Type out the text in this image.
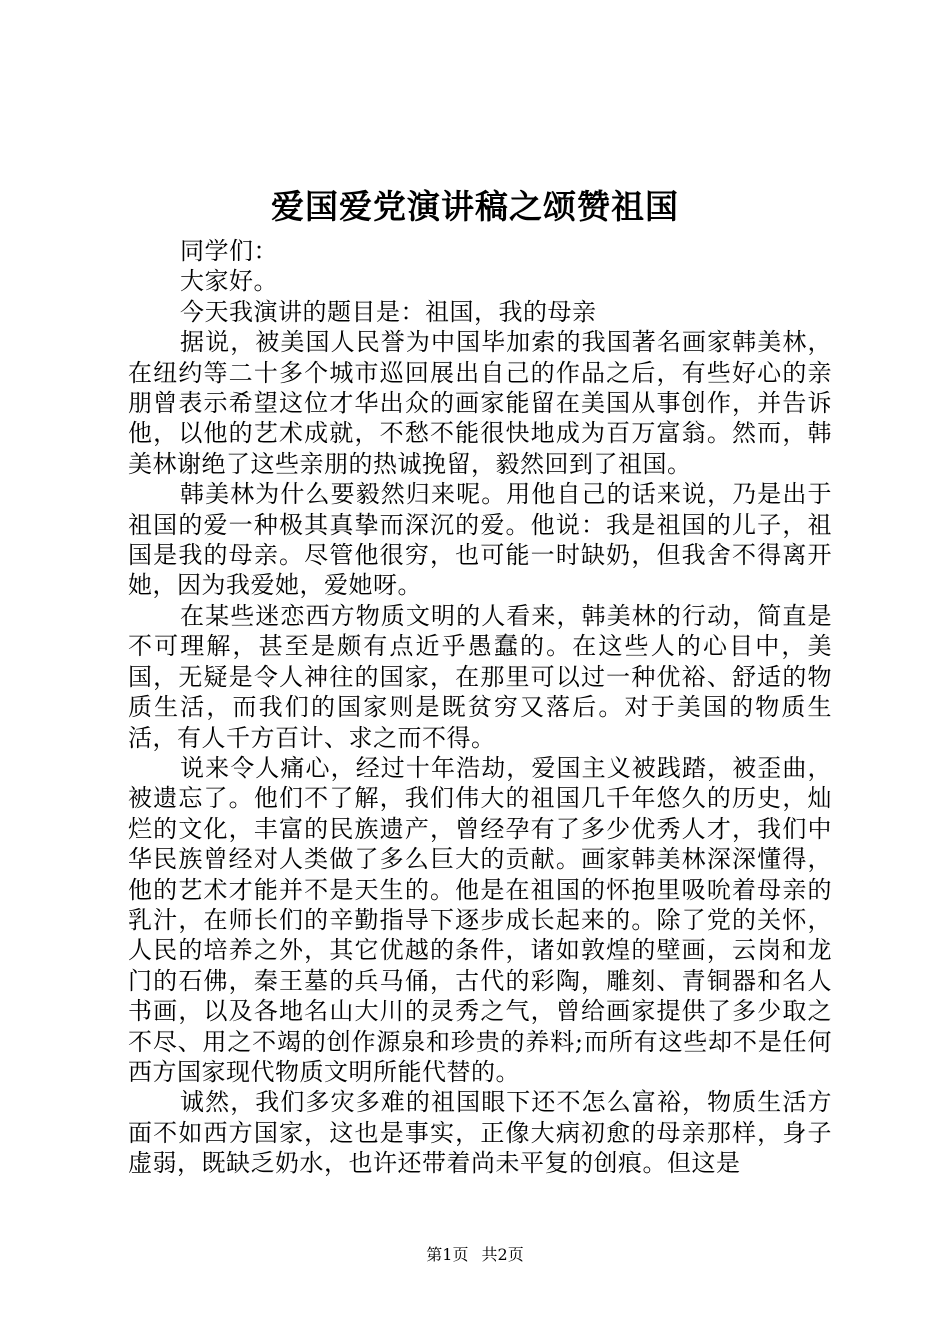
爱国爱党演讲稿之颂赞祖国

同学们：

大家好。

今天我演讲的题目是：祖国，我的母亲

据说，被美国人民誉为中国毕加索的我国著名画家韩美林，在纽约等二十多个城市巡回展出自己的作品之后，有些好心的亲朋曾表示希望这位才华出众的画家能留在美国从事创作，并告诉他，以他的艺术成就，不愁不能很快地成为百万富翁。然而，韩美林谢绝了这些亲朋的热诚挽留，毅然回到了祖国。

韩美林为什么要毅然归来呢。用他自己的话来说，乃是出于祖国的爱一种极其真挚而深沉的爱。他说：我是祖国的儿子，祖国是我的母亲。尽管他很穷，也可能一时缺奶，但我舍不得离开她，因为我爱她，爱她呀。

在某些迷恋西方物质文明的人看来，韩美林的行动，简直是不可理解，甚至是颇有点近乎愚蠢的。在这些人的心目中，美国，无疑是令人神往的国家，在那里可以过一种优裕、舒适的物质生活，而我们的国家则是既贫穷又落后。对于美国的物质生活，有人千方百计、求之而不得。

说来令人痛心，经过十年浩劫，爱国主义被践踏，被歪曲，被遗忘了。他们不了解，我们伟大的祖国几千年悠久的历史，灿烂的文化，丰富的民族遗产，曾经孕有了多少优秀人才，我们中华民族曾经对人类做了多么巨大的贡献。画家韩美林深深懂得，他的艺术才能并不是天生的。他是在祖国的怀抱里吸吮着母亲的乳汁，在师长们的辛勤指导下逐步成长起来的。除了党的关怀，人民的培养之外，其它优越的条件，诸如敦煌的壁画，云岗和龙门的石佛，秦王墓的兵马俑，古代的彩陶，雕刻、青铜器和名人书画，以及各地名山大川的灵秀之气，曾给画家提供了多少取之不尽、用之不竭的创作源泉和珍贵的养料;而所有这些却不是任何西方国家现代物质文明所能代替的。

诚然，我们多灾多难的祖国眼下还不怎么富裕，物质生活方面不如西方国家，这也是事实，正像大病初愈的母亲那样，身子虚弱，既缺乏奶水，也许还带着尚未平复的创痕。但这是

第1页 共2页
